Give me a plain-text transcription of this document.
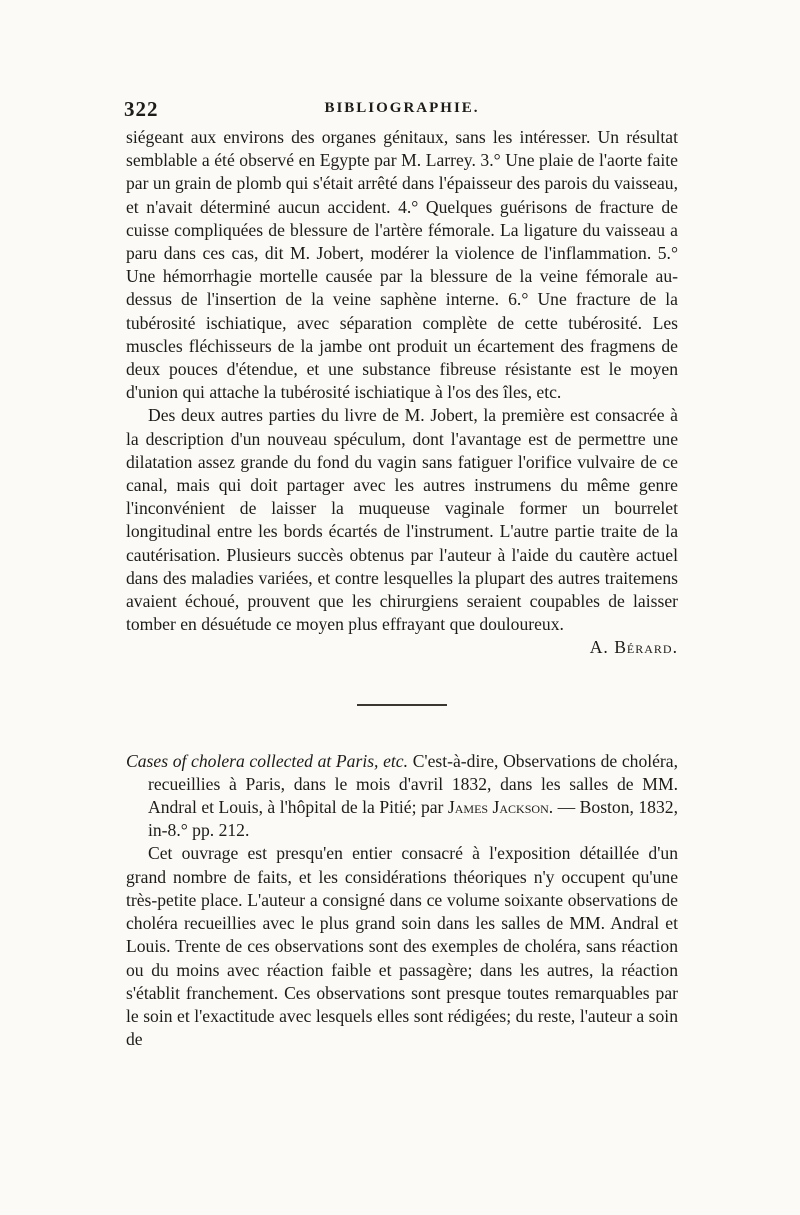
322	BIBLIOGRAPHIE.

siégeant aux environs des organes génitaux, sans les intéresser. Un résultat semblable a été observé en Egypte par M. Larrey. 3.° Une plaie de l'aorte faite par un grain de plomb qui s'était arrêté dans l'épaisseur des parois du vaisseau, et n'avait déterminé aucun accident. 4.° Quelques guérisons de fracture de cuisse compliquées de blessure de l'artère fémorale. La ligature du vaisseau a paru dans ces cas, dit M. Jobert, modérer la violence de l'inflammation. 5.° Une hémorrhagie mortelle causée par la blessure de la veine fémorale au-dessus de l'insertion de la veine saphène interne. 6.° Une fracture de la tubérosité ischiatique, avec séparation complète de cette tubérosité. Les muscles fléchisseurs de la jambe ont produit un écartement des fragmens de deux pouces d'étendue, et une substance fibreuse résistante est le moyen d'union qui attache la tubérosité ischiatique à l'os des îles, etc.

Des deux autres parties du livre de M. Jobert, la première est consacrée à la description d'un nouveau spéculum, dont l'avantage est de permettre une dilatation assez grande du fond du vagin sans fatiguer l'orifice vulvaire de ce canal, mais qui doit partager avec les autres instrumens du même genre l'inconvénient de laisser la muqueuse vaginale former un bourrelet longitudinal entre les bords écartés de l'instrument. L'autre partie traite de la cautérisation. Plusieurs succès obtenus par l'auteur à l'aide du cautère actuel dans des maladies variées, et contre lesquelles la plupart des autres traitemens avaient échoué, prouvent que les chirurgiens seraient coupables de laisser tomber en désuétude ce moyen plus effrayant que douloureux.

A. Bérard.

Cases of cholera collected at Paris, etc. C'est-à-dire, Observations de choléra, recueillies à Paris, dans le mois d'avril 1832, dans les salles de MM. Andral et Louis, à l'hôpital de la Pitié; par James Jackson. — Boston, 1832, in-8.° pp. 212.

Cet ouvrage est presqu'en entier consacré à l'exposition détaillée d'un grand nombre de faits, et les considérations théoriques n'y occupent qu'une très-petite place. L'auteur a consigné dans ce volume soixante observations de choléra recueillies avec le plus grand soin dans les salles de MM. Andral et Louis. Trente de ces observations sont des exemples de choléra, sans réaction ou du moins avec réaction faible et passagère; dans les autres, la réaction s'établit franchement. Ces observations sont presque toutes remarquables par le soin et l'exactitude avec lesquels elles sont rédigées; du reste, l'auteur a soin de
